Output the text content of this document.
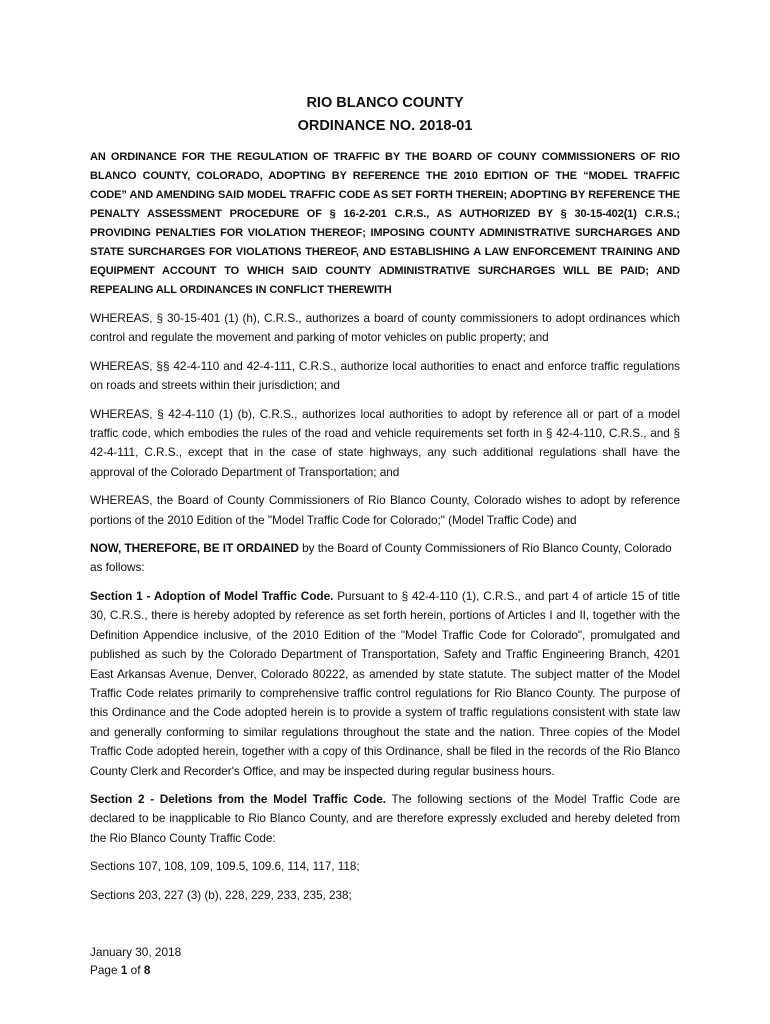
RIO BLANCO COUNTY
ORDINANCE NO. 2018-01

AN ORDINANCE FOR THE REGULATION OF TRAFFIC BY THE BOARD OF COUNY COMMISSIONERS OF RIO BLANCO COUNTY, COLORADO, ADOPTING BY REFERENCE THE 2010 EDITION OF THE “MODEL TRAFFIC CODE” AND AMENDING SAID MODEL TRAFFIC CODE AS SET FORTH THEREIN; ADOPTING BY REFERENCE THE PENALTY ASSESSMENT PROCEDURE OF § 16-2-201 C.R.S., AS AUTHORIZED BY § 30-15-402(1) C.R.S.; PROVIDING PENALTIES FOR VIOLATION THEREOF; IMPOSING COUNTY ADMINISTRATIVE SURCHARGES AND STATE SURCHARGES FOR VIOLATIONS THEREOF, AND ESTABLISHING A LAW ENFORCEMENT TRAINING AND EQUIPMENT ACCOUNT TO WHICH SAID COUNTY ADMINISTRATIVE SURCHARGES WILL BE PAID; AND REPEALING ALL ORDINANCES IN CONFLICT THEREWITH

WHEREAS, § 30-15-401 (1) (h), C.R.S., authorizes a board of county commissioners to adopt ordinances which control and regulate the movement and parking of motor vehicles on public property; and

WHEREAS, §§ 42-4-110 and 42-4-111, C.R.S., authorize local authorities to enact and enforce traffic regulations on roads and streets within their jurisdiction; and

WHEREAS, § 42-4-110 (1) (b), C.R.S., authorizes local authorities to adopt by reference all or part of a model traffic code, which embodies the rules of the road and vehicle requirements set forth in § 42-4-110, C.R.S., and § 42-4-111, C.R.S., except that in the case of state highways, any such additional regulations shall have the approval of the Colorado Department of Transportation; and

WHEREAS, the Board of County Commissioners of Rio Blanco County, Colorado wishes to adopt by reference portions of the 2010 Edition of the "Model Traffic Code for Colorado;" (Model Traffic Code) and

NOW, THEREFORE, BE IT ORDAINED by the Board of County Commissioners of Rio Blanco County, Colorado as follows:

Section 1 - Adoption of Model Traffic Code. Pursuant to § 42-4-110 (1), C.R.S., and part 4 of article 15 of title 30, C.R.S., there is hereby adopted by reference as set forth herein, portions of Articles I and II, together with the Definition Appendice inclusive, of the 2010 Edition of the "Model Traffic Code for Colorado", promulgated and published as such by the Colorado Department of Transportation, Safety and Traffic Engineering Branch, 4201 East Arkansas Avenue, Denver, Colorado 80222, as amended by state statute. The subject matter of the Model Traffic Code relates primarily to comprehensive traffic control regulations for Rio Blanco County. The purpose of this Ordinance and the Code adopted herein is to provide a system of traffic regulations consistent with state law and generally conforming to similar regulations throughout the state and the nation. Three copies of the Model Traffic Code adopted herein, together with a copy of this Ordinance, shall be filed in the records of the Rio Blanco County Clerk and Recorder's Office, and may be inspected during regular business hours.

Section 2 - Deletions from the Model Traffic Code. The following sections of the Model Traffic Code are declared to be inapplicable to Rio Blanco County, and are therefore expressly excluded and hereby deleted from the Rio Blanco County Traffic Code:

Sections 107, 108, 109, 109.5, 109.6, 114, 117, 118;

Sections 203, 227 (3) (b), 228, 229, 233, 235, 238;

January 30, 2018
Page 1 of 8
